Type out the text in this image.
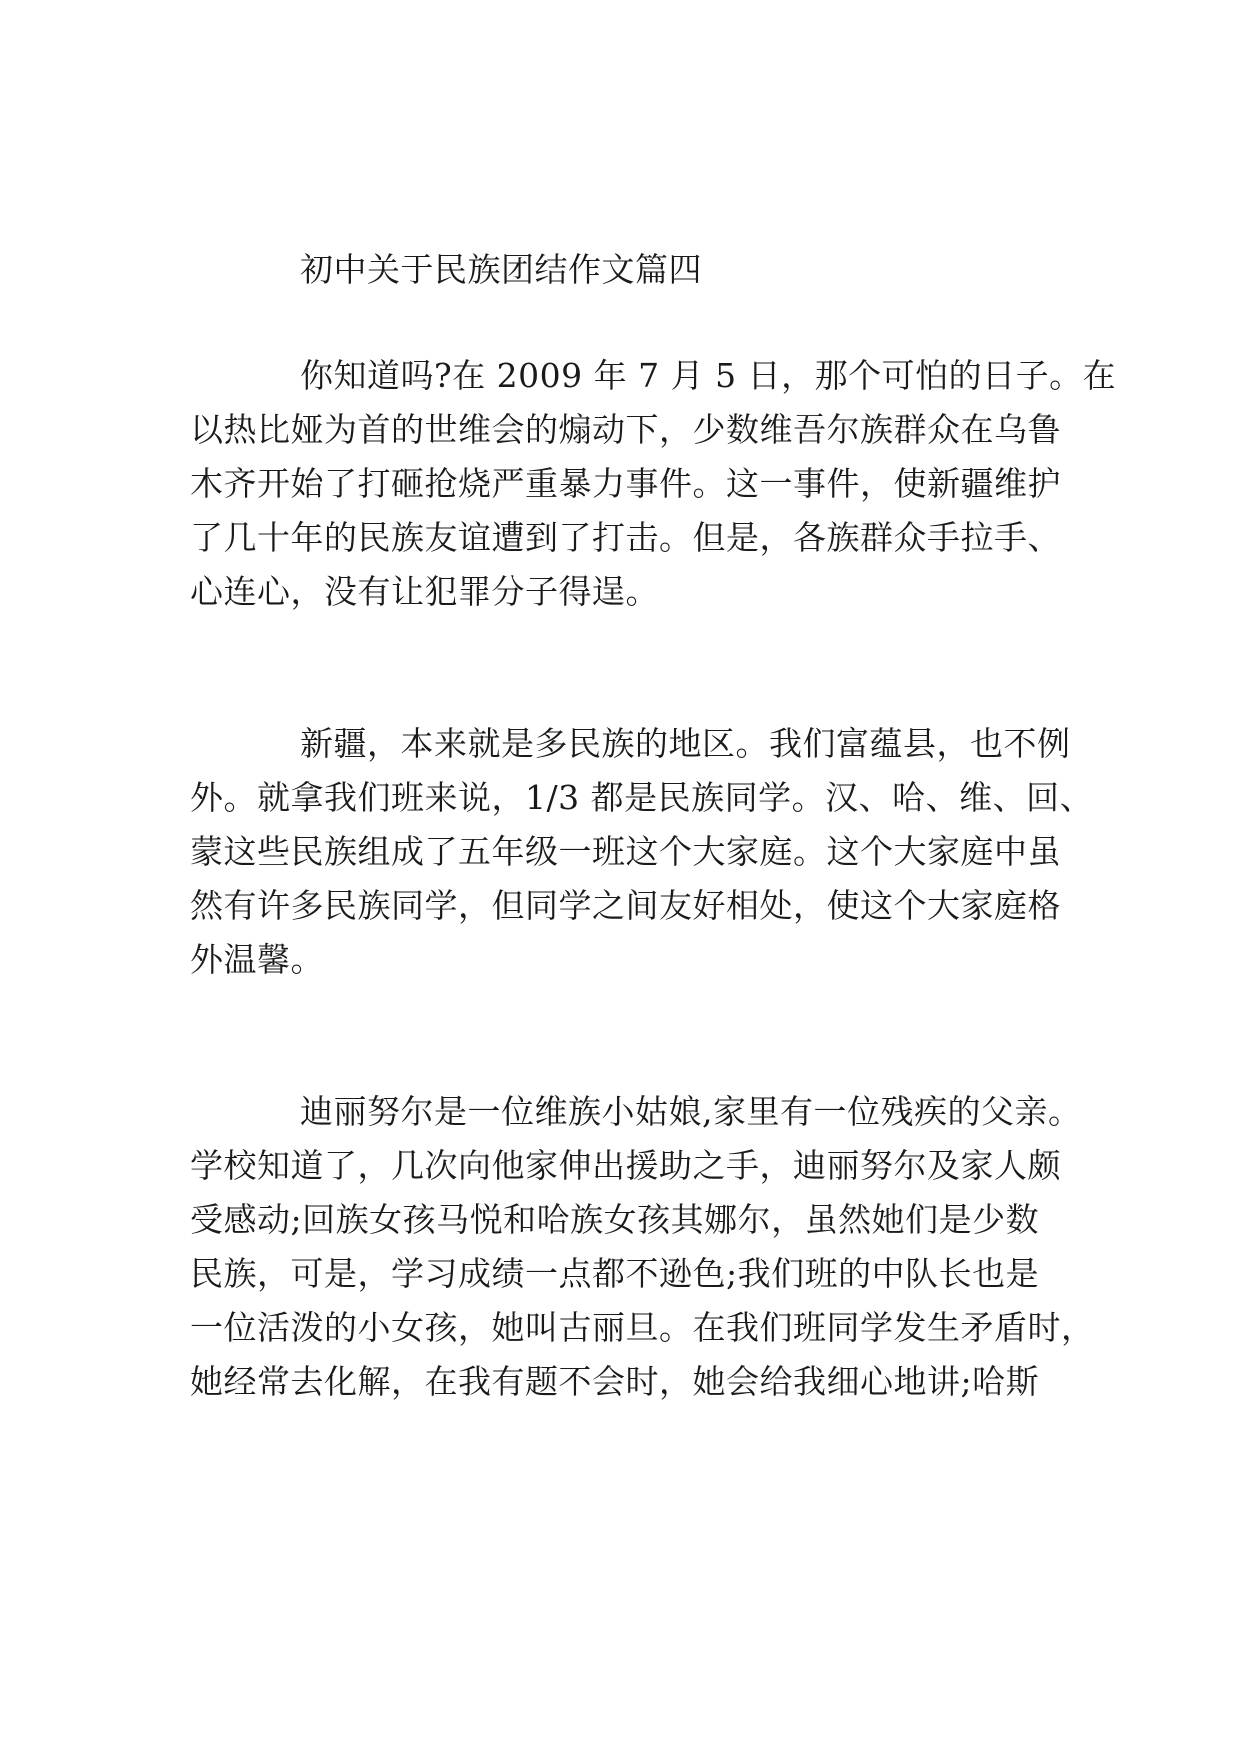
初中关于民族团结作文篇四
你知道吗?在 2009 年 7 月 5 日，那个可怕的日子。在
以热比娅为首的世维会的煽动下，少数维吾尔族群众在乌鲁
木齐开始了打砸抢烧严重暴力事件。这一事件，使新疆维护
了几十年的民族友谊遭到了打击。但是，各族群众手拉手、
心连心，没有让犯罪分子得逞。
新疆，本来就是多民族的地区。我们富蕴县，也不例
外。就拿我们班来说，1/3 都是民族同学。汉、哈、维、回、
蒙这些民族组成了五年级一班这个大家庭。这个大家庭中虽
然有许多民族同学，但同学之间友好相处，使这个大家庭格
外温馨。
迪丽努尔是一位维族小姑娘,家里有一位残疾的父亲。
学校知道了，几次向他家伸出援助之手，迪丽努尔及家人颇
受感动;回族女孩马悦和哈族女孩其娜尔，虽然她们是少数
民族，可是，学习成绩一点都不逊色;我们班的中队长也是
一位活泼的小女孩，她叫古丽旦。在我们班同学发生矛盾时，
她经常去化解，在我有题不会时，她会给我细心地讲;哈斯
